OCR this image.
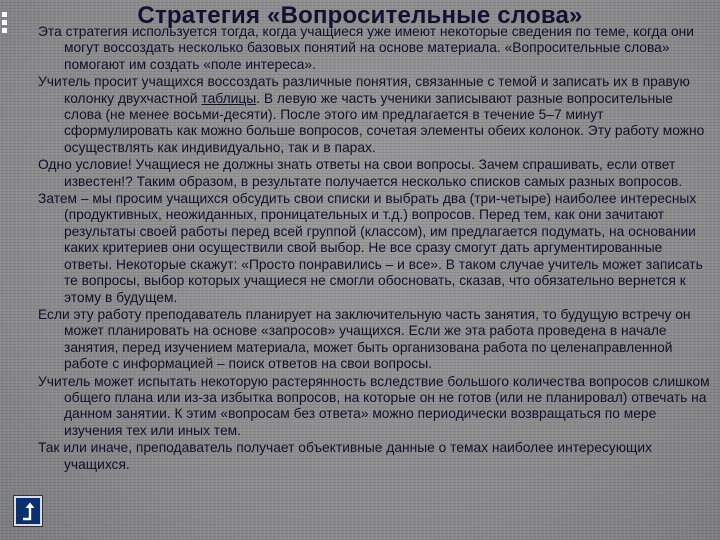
Стратегия «Вопросительные слова»

Эта стратегия используется тогда, когда учащиеся уже имеют некоторые сведения по теме, когда они могут воссоздать несколько базовых понятий на основе материала. «Вопросительные слова» помогают им создать «поле интереса».

Учитель просит учащихся воссоздать различные понятия, связанные с темой и записать их в правую колонку двухчастной таблицы. В левую же часть ученики записывают разные вопросительные слова (не менее восьми-десяти). После этого им предлагается в течение 5–7 минут сформулировать как можно больше вопросов, сочетая элементы обеих колонок. Эту работу можно осуществлять как индивидуально, так и в парах.

Одно условие! Учащиеся не должны знать ответы на свои вопросы. Зачем спрашивать, если ответ известен!? Таким образом, в результате получается несколько списков самых разных вопросов.

Затем – мы просим учащихся обсудить свои списки и выбрать два (три-четыре) наиболее интересных (продуктивных, неожиданных, проницательных и т.д.) вопросов. Перед тем, как они зачитают результаты своей работы перед всей группой (классом), им предлагается подумать, на основании каких критериев они осуществили свой выбор. Не все сразу смогут дать аргументированные ответы. Некоторые скажут: «Просто понравились – и все». В таком случае учитель может записать те вопросы, выбор которых учащиеся не смогли обосновать, сказав, что обязательно вернется к этому в будущем.

Если эту работу преподаватель планирует на заключительную часть занятия, то будущую встречу он может планировать на основе «запросов» учащихся. Если же эта работа проведена в начале занятия, перед изучением материала, может быть организована работа по целенаправленной работе с информацией – поиск ответов на свои вопросы.

Учитель может испытать некоторую растерянность вследствие большого количества вопросов слишком общего плана или из-за избытка вопросов, на которые он не готов (или не планировал) отвечать на данном занятии. К этим «вопросам без ответа» можно периодически возвращаться по мере изучения тех или иных тем.

Так или иначе, преподаватель получает объективные данные о темах наиболее интересующих учащихся.
